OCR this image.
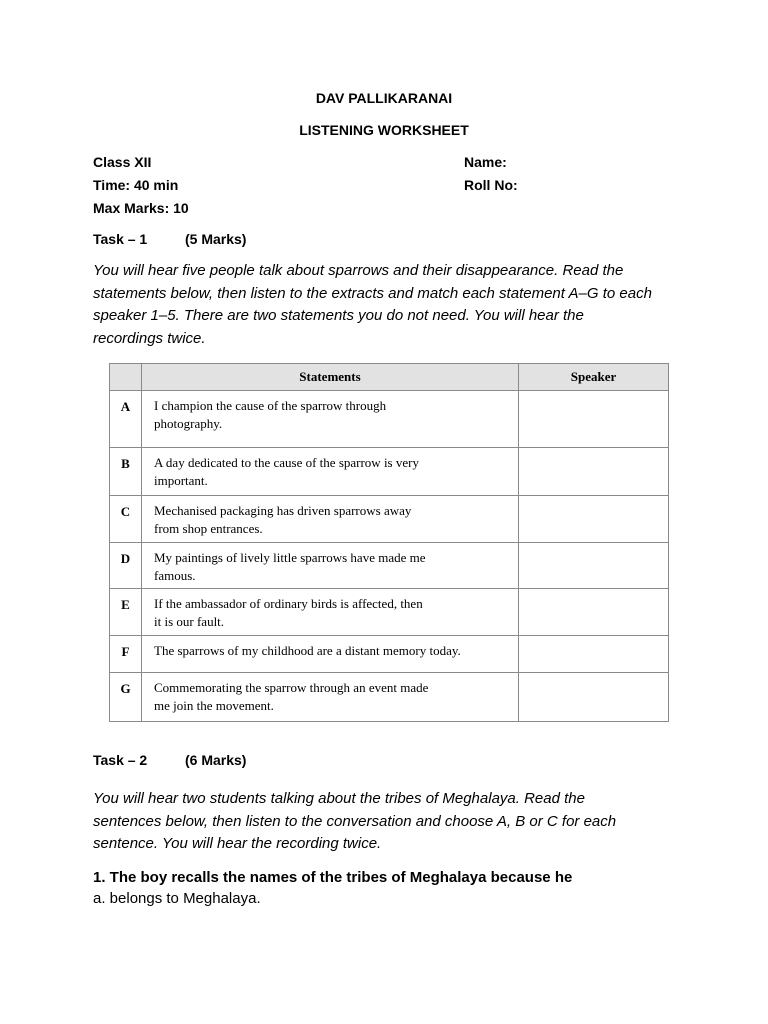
DAV PALLIKARANAI

LISTENING WORKSHEET

Class XII

Time: 40 min

Max Marks: 10

Name:

Roll No:

Task – 1	(5 Marks)

You will hear five people talk about sparrows and their disappearance. Read the statements below, then listen to the extracts and match each statement A–G to each speaker 1–5. There are two statements you do not need. You will hear the recordings twice.

	Statements	Speaker
A	I champion the cause of the sparrow through
photography.	
B	A day dedicated to the cause of the sparrow is very
important.	
C	Mechanised packaging has driven sparrows away
from shop entrances.	
D	My paintings of lively little sparrows have made me
famous.	
E	If the ambassador of ordinary birds is affected, then
it is our fault.	
F	The sparrows of my childhood are a distant memory today.	
G	Commemorating the sparrow through an event made
me join the movement.	

Task – 2	(6 Marks)

You will hear two students talking about the tribes of Meghalaya. Read the sentences below, then listen to the conversation and choose A, B or C for each sentence. You will hear the recording twice.

1. The boy recalls the names of the tribes of Meghalaya because he

a. belongs to Meghalaya.
